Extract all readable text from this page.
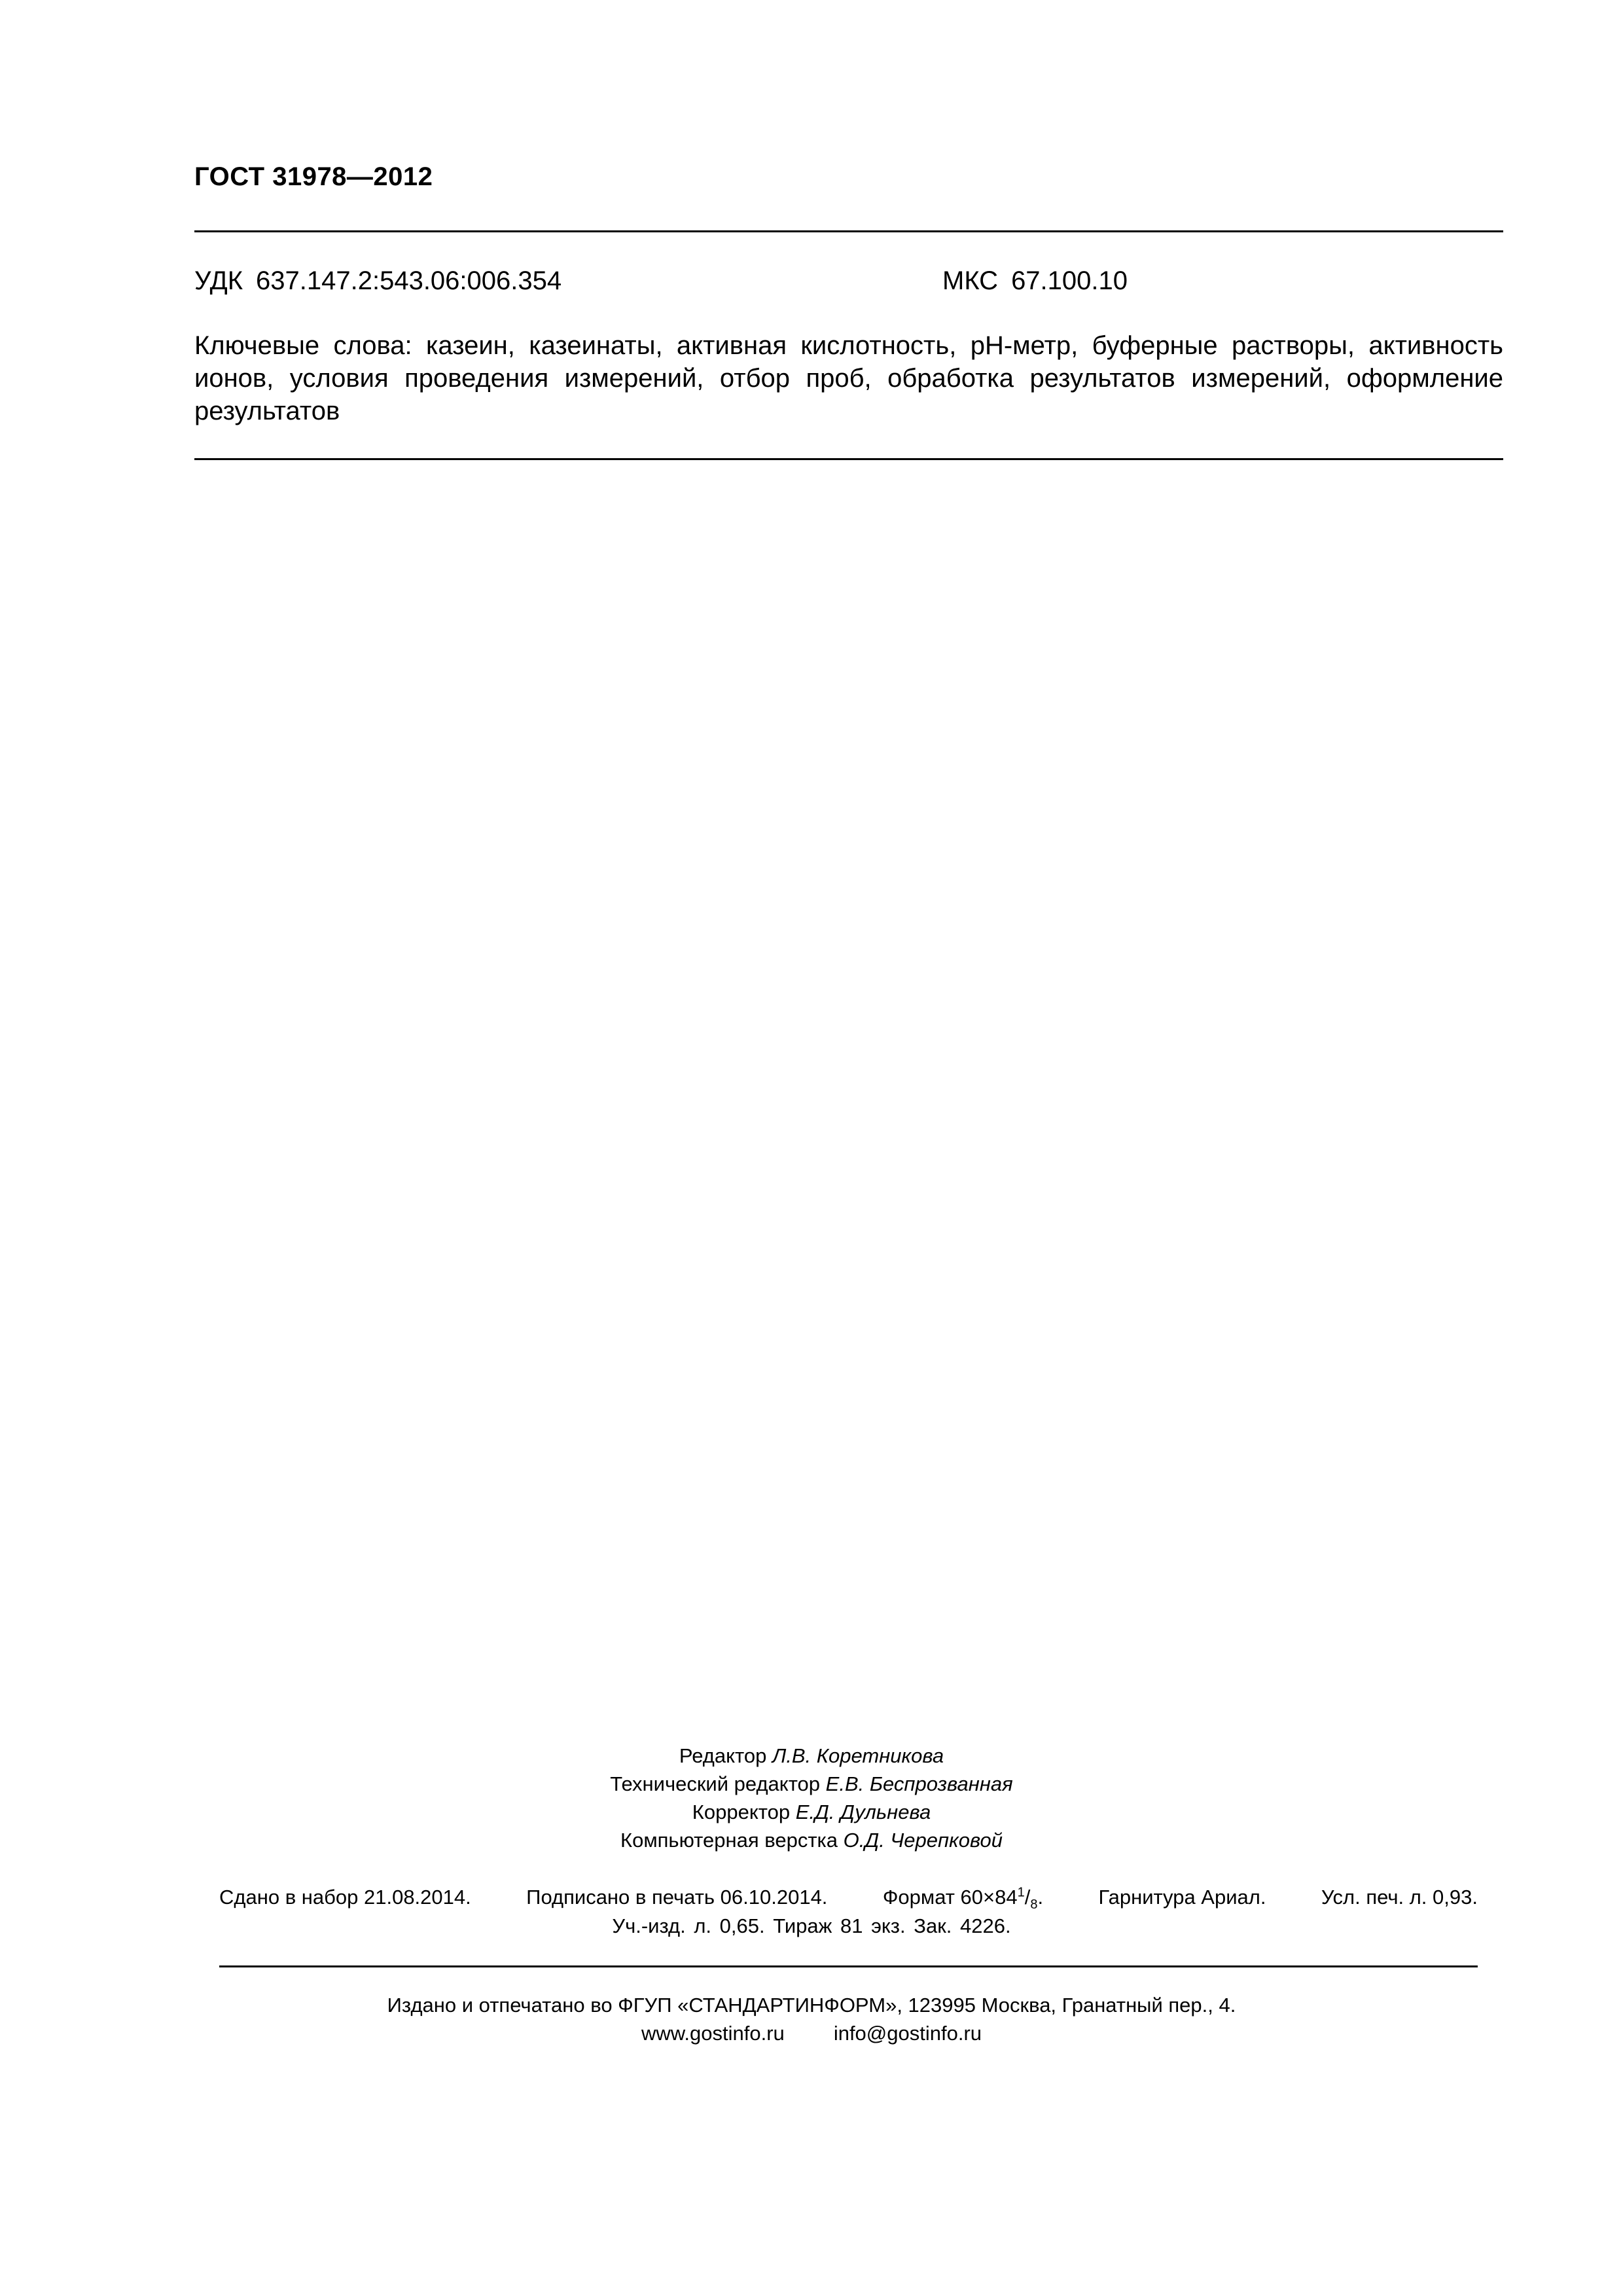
ГОСТ 31978—2012
УДК 637.147.2:543.06:006.354	МКС 67.100.10
Ключевые слова: казеин, казеинаты, активная кислотность, pH-метр, буферные растворы, активность ионов, условия проведения измерений, отбор проб, обработка результатов измерений, оформление результатов
Редактор Л.В. Коретникова
Технический редактор Е.В. Беспрозванная
Корректор Е.Д. Дульнева
Компьютерная верстка О.Д. Черепковой
Сдано в набор 21.08.2014.	Подписано в печать 06.10.2014.	Формат $60\times 84^1/_8$.	Гарнитура Ариал.	Усл. печ. л. 0,93.
Уч.-изд. л. 0,65. Тираж 81 экз. Зак. 4226.
Издано и отпечатано во ФГУП «СТАНДАРТИНФОРМ», 123995 Москва, Гранатный пер., 4.
www.gostinfo.ru info@gostinfo.ru
